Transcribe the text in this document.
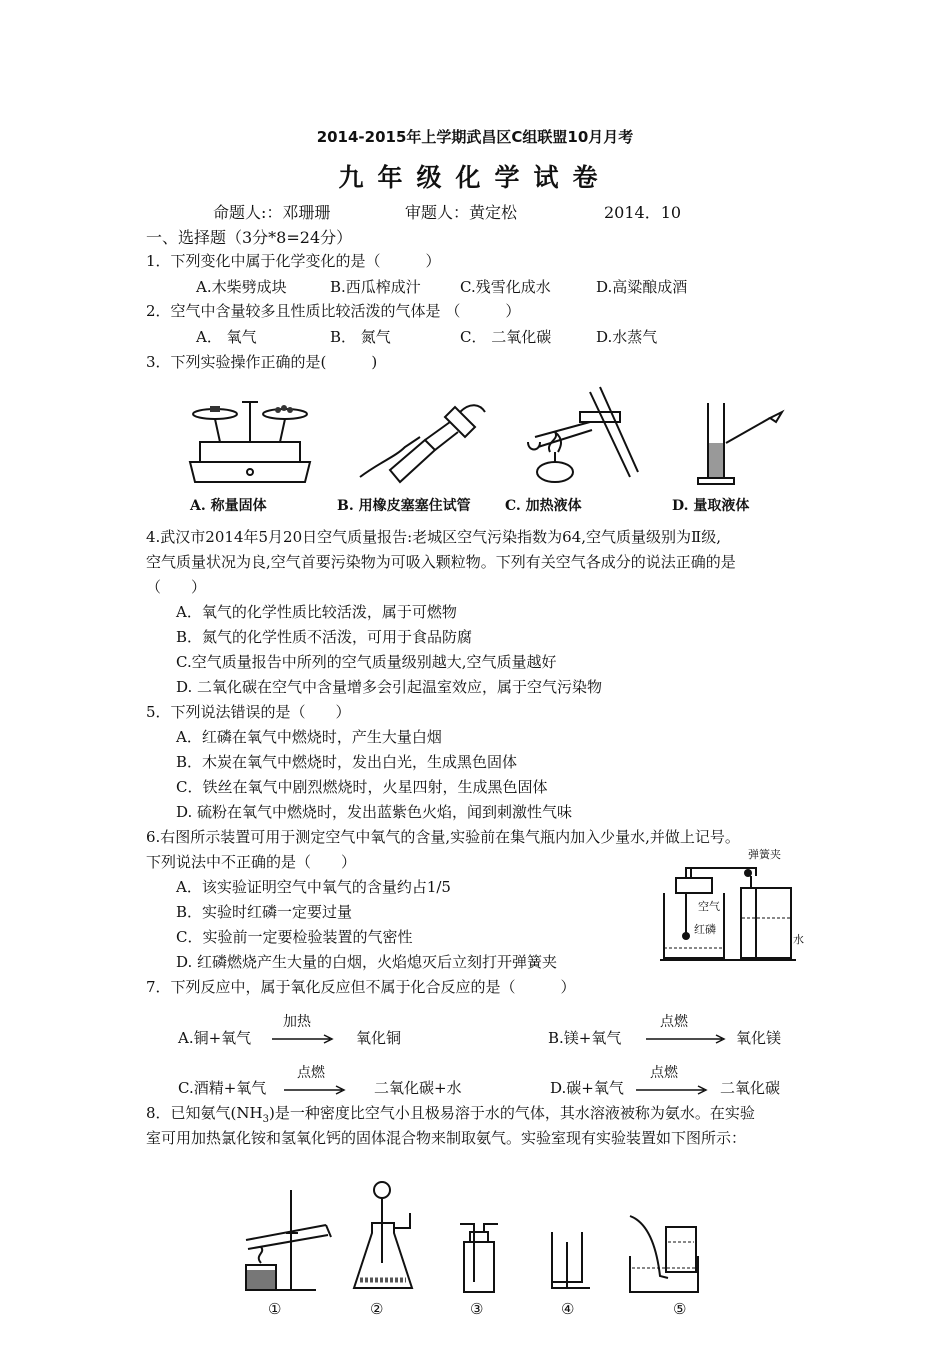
2014-2015年上学期武昌区C组联盟10月月考
九年级化学试卷
命题人:：邓珊珊	审题人：黄定松	2014．10
一、选择题（3分*8=24分）
1．下列变化中属于化学变化的是（　　　）
A.木柴劈成块	B.西瓜榨成汁	C.残雪化成水	D.高粱酿成酒
2．空气中含量较多且性质比较活泼的气体是 （　　　）
A． 氧气	B． 氮气	C． 二氧化碳	D.水蒸气
3．下列实验操作正确的是(　　　)
A. 称量固体	B. 用橡皮塞塞住试管 C. 加热液体	D. 量取液体
4.武汉市2014年5月20日空气质量报告:老城区空气污染指数为64,空气质量级别为Ⅱ级,
空气质量状况为良,空气首要污染物为可吸入颗粒物。下列有关空气各成分的说法正确的是
（　　）
A．氧气的化学性质比较活泼，属于可燃物
B．氮气的化学性质不活泼，可用于食品防腐
C.空气质量报告中所列的空气质量级别越大,空气质量越好
D. 二氧化碳在空气中含量增多会引起温室效应，属于空气污染物
5．下列说法错误的是（　　）
A．红磷在氧气中燃烧时，产生大量白烟
B．木炭在氧气中燃烧时，发出白光，生成黑色固体
C．铁丝在氧气中剧烈燃烧时，火星四射，生成黑色固体
D. 硫粉在氧气中燃烧时，发出蓝紫色火焰，闻到刺激性气味
6.右图所示装置可用于测定空气中氧气的含量,实验前在集气瓶内加入少量水,并做上记号。
下列说法中不正确的是（　　）
A．该实验证明空气中氧气的含量约占1/5
B．实验时红磷一定要过量
C．实验前一定要检验装置的气密性
D. 红磷燃烧产生大量的白烟，火焰熄灭后立刻打开弹簧夹
弹簧夹
空气
红磷
水
7．下列反应中，属于氧化反应但不属于化合反应的是（　　　）
A.铜+氧气
加热
氧化铜	B.镁+氧气
点燃
氧化镁
C.酒精+氧气
点燃
二氧化碳+水	D.碳+氧气
点燃
二氧化碳
8．已知氨气$(NH_3)$是一种密度比空气小且极易溶于水的气体，其水溶液被称为氨水。在实验
室可用加热氯化铵和氢氧化钙的固体混合物来制取氨气。实验室现有实验装置如下图所示：
①	②	③	④	⑤
